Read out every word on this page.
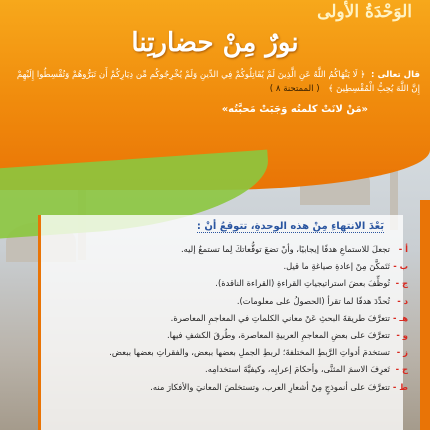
الوَحْدَةُ الأولى
نورٌ مِنْ حضارتِنا
قال تعالى : ﴿ لَا يَنْهَاكُمُ اللَّهُ عَنِ الَّذِينَ لَمْ يُقَاتِلُوكُمْ فِي الدِّينِ وَلَمْ يُخْرِجُوكُم مِّن دِيَارِكُمْ أَن تَبَرُّوهُمْ وَتُقْسِطُوا إِلَيْهِمْ إِنَّ اللَّهَ يُحِبُّ الْمُقْسِطِينَ ﴾ ( الممتحنة ٨ )
«مَنْ لانَتْ كلمتُه وَجَبَتْ مَحبَّتُه»
بَعْدَ الانتهاءِ مِنْ هذه الوحدةِ، تتوقعُ أنْ :
أ -تجعلَ للاستماعِ هدفًا إيجابيًا، وأنْ تضعَ توقُّعاتكَ لِما تستمعُ إليه.
ب -تَتَمكَّنَ مِنْ إعادةِ صياغةِ ما قيل.
ج -تُوظِّفَ بعضَ استراتيجياتِ القراءةِ (القراءة الناقدة).
د -تُحدِّدَ هدفًا لما تقرأ (الحصولُ على معلومات).
هـ -تتعرَّفَ طريقةَ البحثِ عَنْ معاني الكلماتِ في المعاجمِ المعاصرة.
و -تتعرَّفَ على بعضِ المعاجمِ العربيةِ المعاصرة، وطُرقَ الكشفِ فيها.
ز -تستخدمَ أدواتِ الرَّبطِ المختلفةَ؛ لربطِ الجملِ بعضها ببعض، والفقراتِ بعضها ببعض.
ح -تَعرِفَ الاسمَ المثنَّى، وأحكامَ إعرابِه، وكيفيَّةَ استخدامِه.
ط -تتعرَّفَ على أنموذجٍ مِنْ أشعارِ العرب، وتستخلصَ المعانيَ والأفكارَ منه.
